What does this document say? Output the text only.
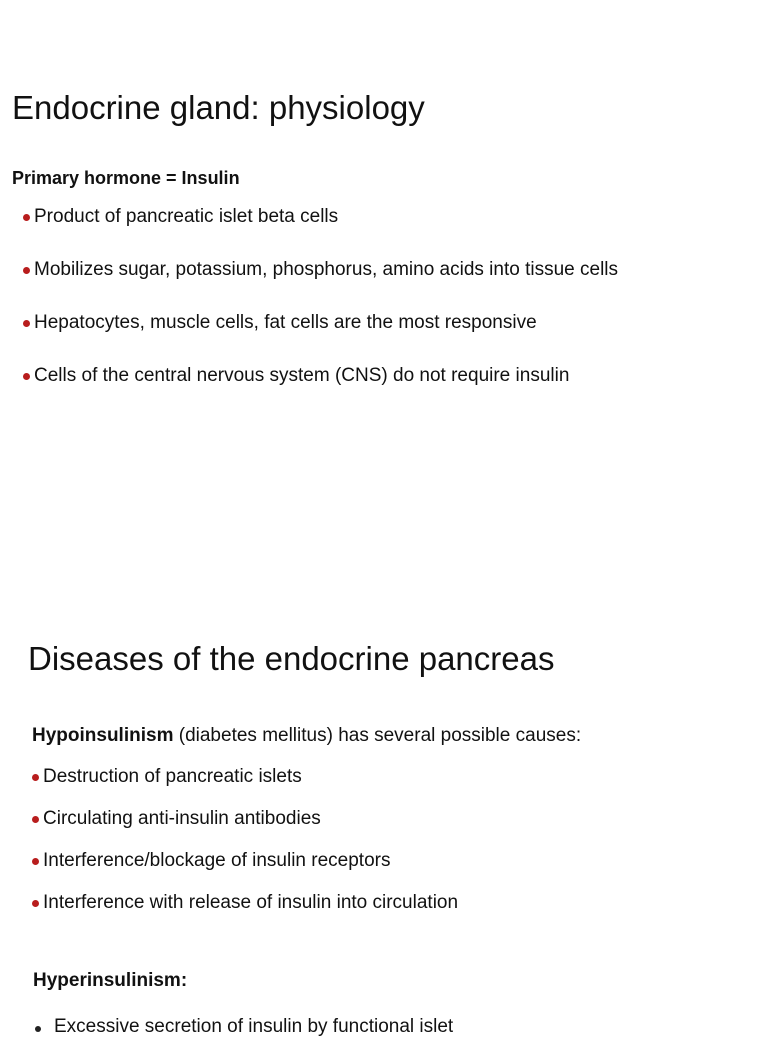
Endocrine gland: physiology
Primary hormone = Insulin
Product of pancreatic islet beta cells
Mobilizes sugar, potassium, phosphorus, amino acids into tissue cells
Hepatocytes, muscle cells, fat cells are the most responsive
Cells of the central nervous system (CNS) do not require insulin
Diseases of the endocrine pancreas
Hypoinsulinism (diabetes mellitus) has several possible causes:
Destruction of pancreatic islets
Circulating anti-insulin antibodies
Interference/blockage of insulin receptors
Interference with release of insulin into circulation
Hyperinsulinism:
Excessive secretion of insulin by functional islet
